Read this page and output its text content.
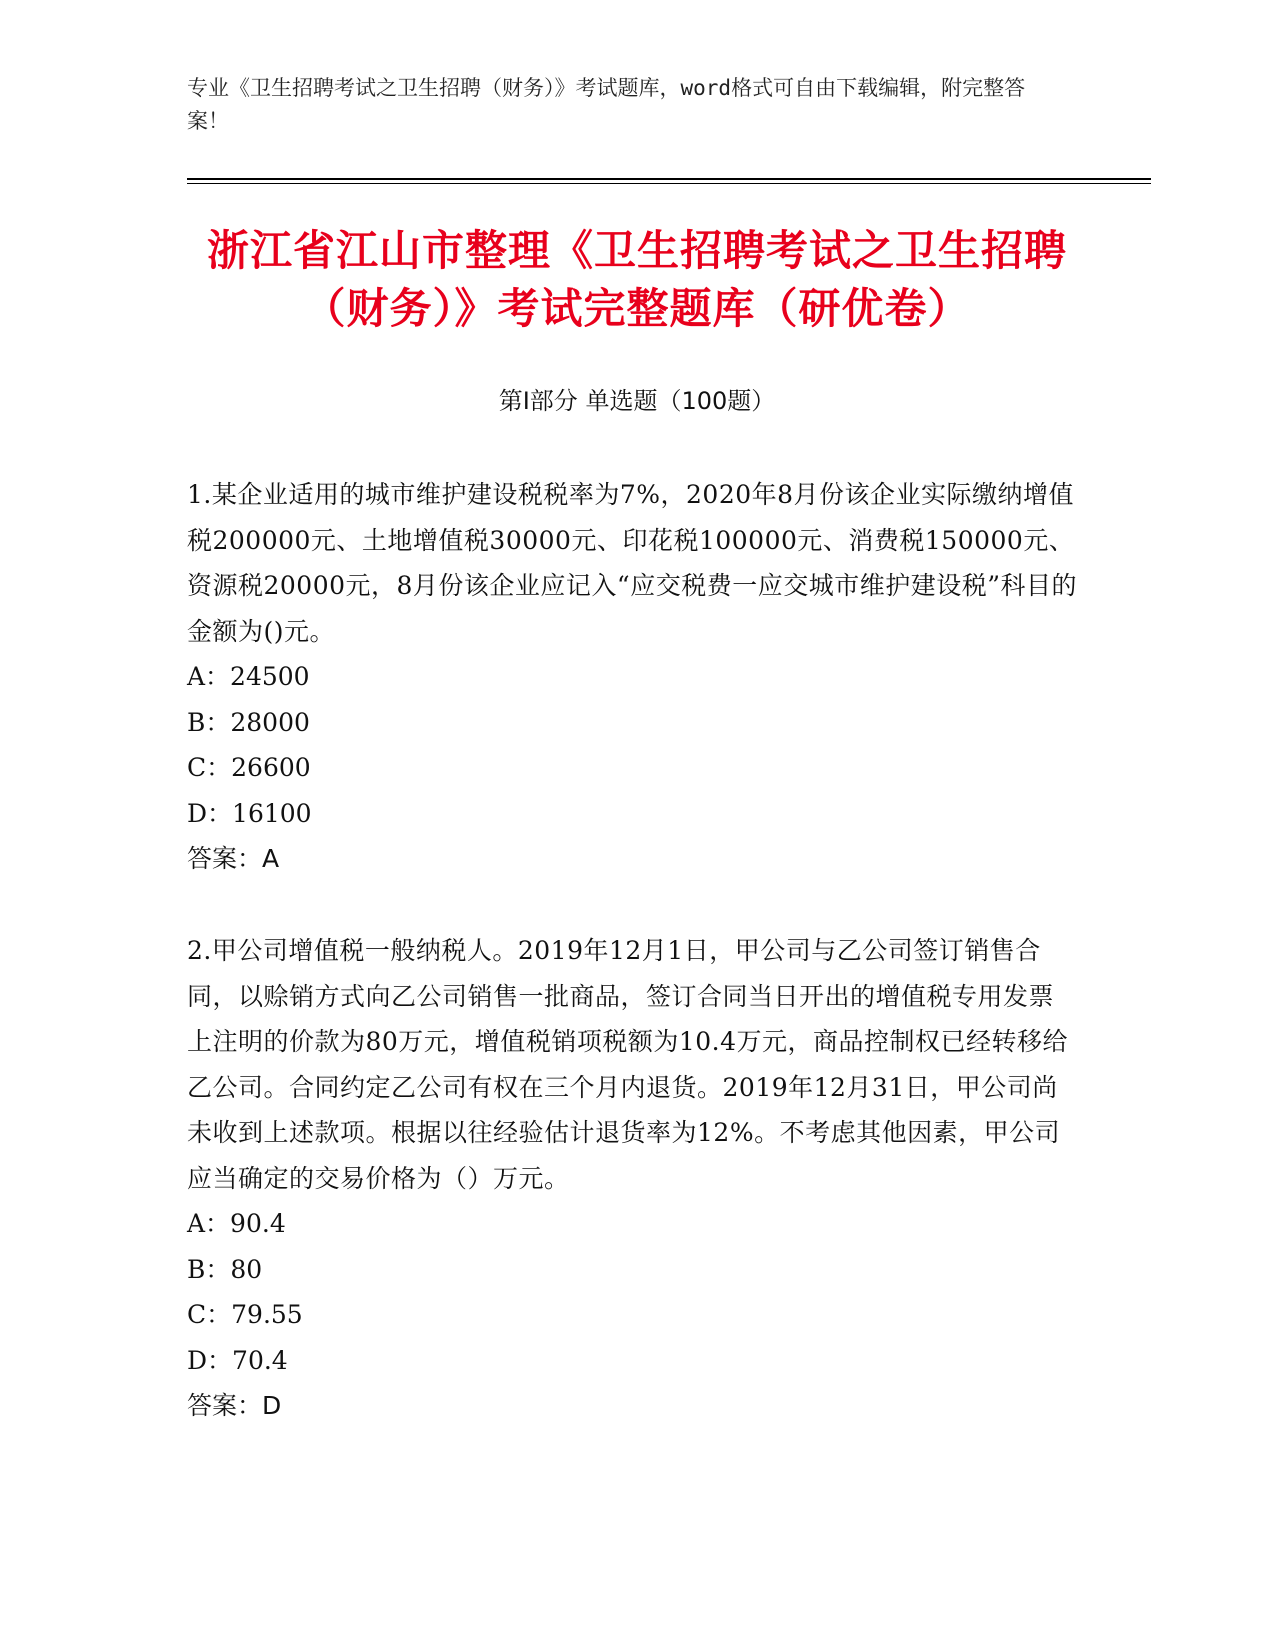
专业《卫生招聘考试之卫生招聘（财务）》考试题库，word格式可自由下载编辑，附完整答案！
浙江省江山市整理《卫生招聘考试之卫生招聘（财务）》考试完整题库（研优卷）
第Ⅰ部分 单选题（100题）
1.某企业适用的城市维护建设税税率为7%，2020年8月份该企业实际缴纳增值税200000元、土地增值税30000元、印花税100000元、消费税150000元、资源税20000元，8月份该企业应记入“应交税费一应交城市维护建设税”科目的金额为()元。
A：24500
B：28000
C：26600
D：16100
答案：A
2.甲公司增值税一般纳税人。2019年12月1日，甲公司与乙公司签订销售合同，以赊销方式向乙公司销售一批商品，签订合同当日开出的增值税专用发票上注明的价款为80万元，增值税销项税额为10.4万元，商品控制权已经转移给乙公司。合同约定乙公司有权在三个月内退货。2019年12月31日，甲公司尚未收到上述款项。根据以往经验估计退货率为12%。不考虑其他因素，甲公司应当确定的交易价格为（）万元。
A：90.4
B：80
C：79.55
D：70.4
答案：D
